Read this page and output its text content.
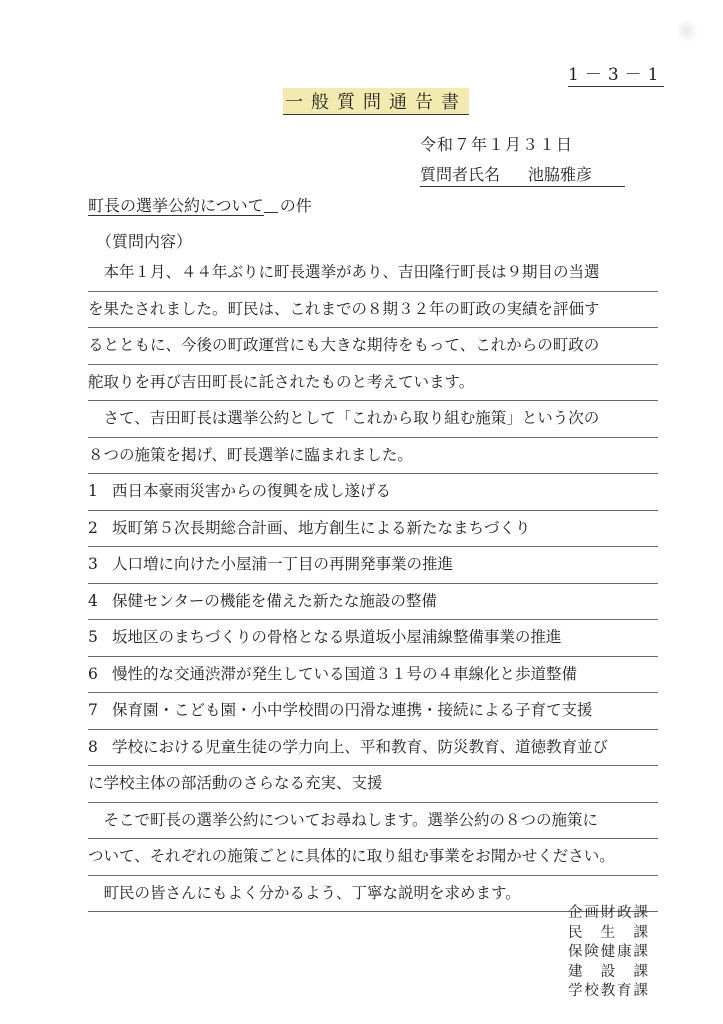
1－3－1
一般質問通告書
令和７年１月３１日
質問者氏名 池脇雅彦
町長の選挙公約について の件
（質問内容）
　本年１月、４４年ぶりに町長選挙があり、吉田隆行町長は９期目の当選
を果たされました。町民は、これまでの８期３２年の町政の実績を評価す
るとともに、今後の町政運営にも大きな期待をもって、これからの町政の
舵取りを再び吉田町長に託されたものと考えています。
　さて、吉田町長は選挙公約として「これから取り組む施策」という次の
８つの施策を掲げ、町長選挙に臨まれました。
1 西日本豪雨災害からの復興を成し遂げる
2 坂町第５次長期総合計画、地方創生による新たなまちづくり
3 人口増に向けた小屋浦一丁目の再開発事業の推進
4 保健センターの機能を備えた新たな施設の整備
5 坂地区のまちづくりの骨格となる県道坂小屋浦線整備事業の推進
6 慢性的な交通渋滞が発生している国道３１号の４車線化と歩道整備
7 保育園・こども園・小中学校間の円滑な連携・接続による子育て支援
8 学校における児童生徒の学力向上、平和教育、防災教育、道徳教育並び
に学校主体の部活動のさらなる充実、支援
　そこで町長の選挙公約についてお尋ねします。選挙公約の８つの施策に
ついて、それぞれの施策ごとに具体的に取り組む事業をお聞かせください。
　町民の皆さんにもよく分かるよう、丁寧な説明を求めます。
企画財政課
民生課
保険健康課
建設課
学校教育課
